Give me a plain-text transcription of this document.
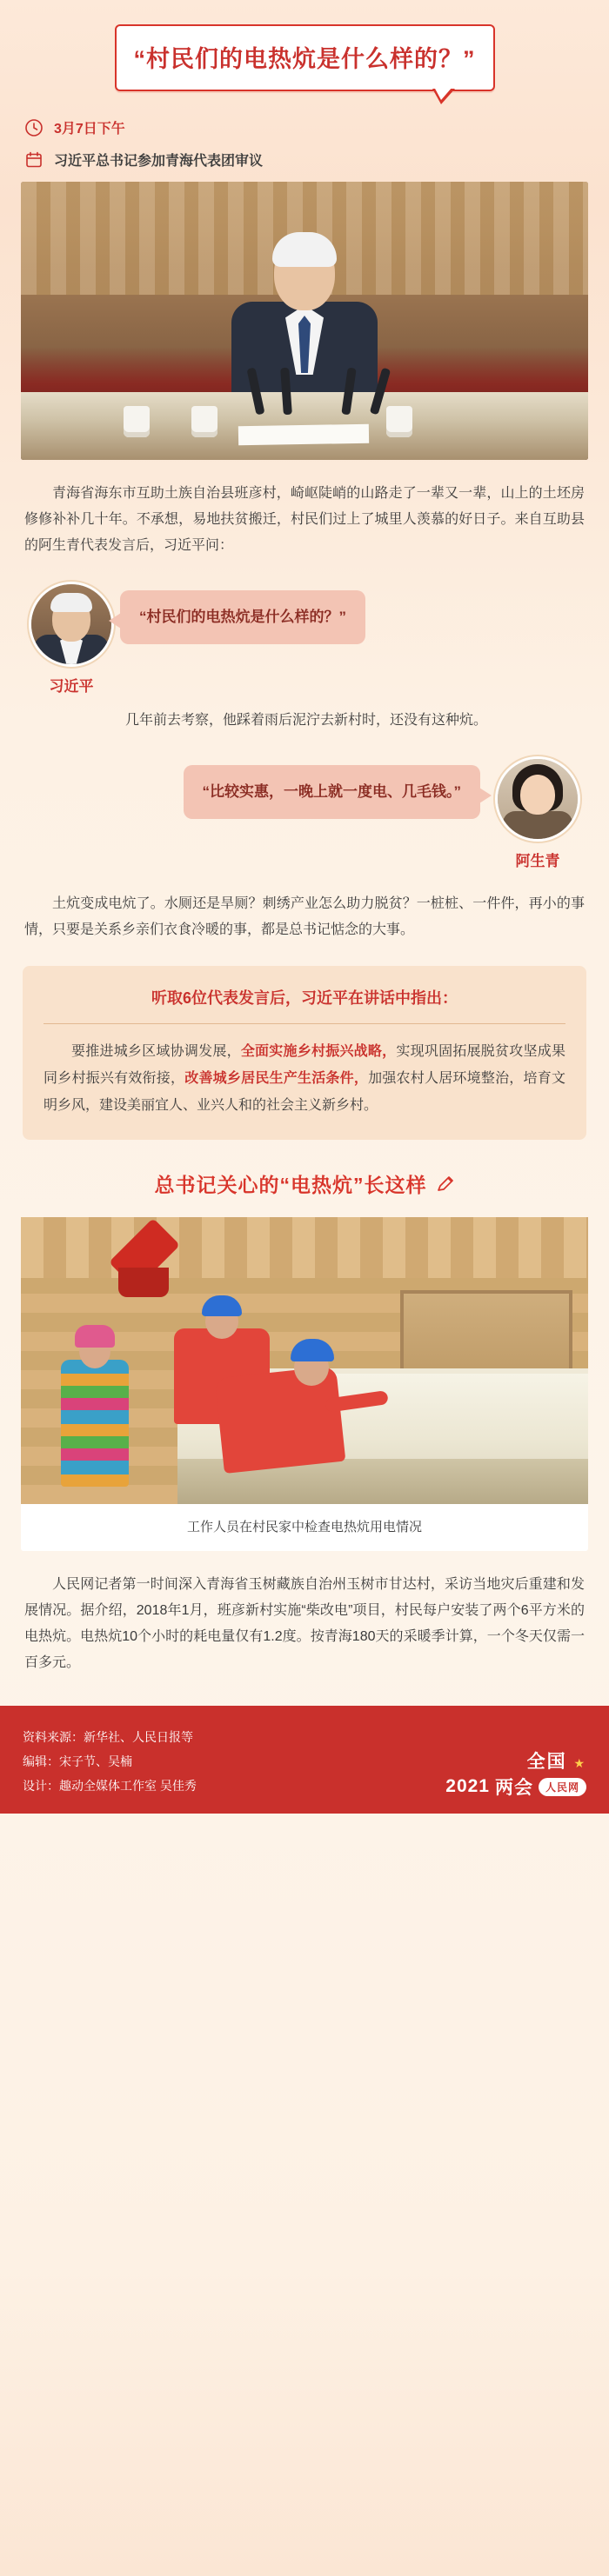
“村民们的电热炕是什么样的？”
3月7日下午
习近平总书记参加青海代表团审议
青海省海东市互助土族自治县班彦村，崎岖陡峭的山路走了一辈又一辈，山上的土坯房修修补补几十年。不承想，易地扶贫搬迁，村民们过上了城里人羡慕的好日子。来自互助县的阿生青代表发言后，习近平问：
习近平
“村民们的电热炕是什么样的？”
几年前去考察，他踩着雨后泥泞去新村时，还没有这种炕。
“比较实惠，一晚上就一度电、几毛钱。”
阿生青
土炕变成电炕了。水厕还是旱厕？刺绣产业怎么助力脱贫？一桩桩、一件件，再小的事情，只要是关系乡亲们衣食冷暖的事，都是总书记惦念的大事。
听取6位代表发言后，习近平在讲话中指出：
要推进城乡区域协调发展，全面实施乡村振兴战略，实现巩固拓展脱贫攻坚成果同乡村振兴有效衔接，改善城乡居民生产生活条件，加强农村人居环境整治，培育文明乡风，建设美丽宜人、业兴人和的社会主义新乡村。
总书记关心的“电热炕”长这样
工作人员在村民家中检查电热炕用电情况
人民网记者第一时间深入青海省玉树藏族自治州玉树市甘达村，采访当地灾后重建和发展情况。据介绍，2018年1月，班彦新村实施“柴改电”项目，村民每户安装了两个6平方米的电热炕。电热炕10个小时的耗电量仅有1.2度。按青海180天的采暖季计算，一个冬天仅需一百多元。
资料来源：新华社、人民日报等
编辑：宋子节、吴楠
设计：趣动全媒体工作室 吴佳秀
全国 ★
2021 两会 人民网
